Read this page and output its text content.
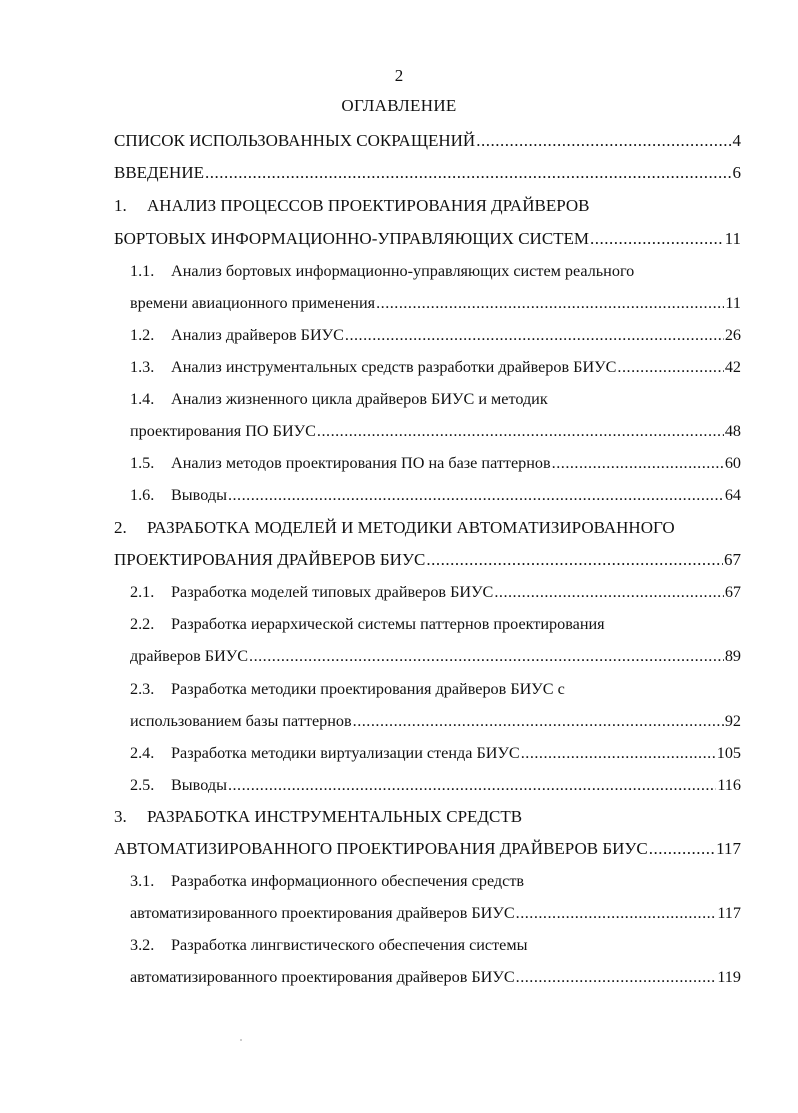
2
ОГЛАВЛЕНИЕ
СПИСОК ИСПОЛЬЗОВАННЫХ СОКРАЩЕНИЙ .....	4
ВВЕДЕНИЕ .....	6
1. АНАЛИЗ ПРОЦЕССОВ ПРОЕКТИРОВАНИЯ ДРАЙВЕРОВ
БОРТОВЫХ ИНФОРМАЦИОННО-УПРАВЛЯЮЩИХ СИСТЕМ .....	11
1.1. Анализ бортовых информационно-управляющих систем реального
времени авиационного применения .....	11
1.2. Анализ драйверов БИУС .....	26
1.3. Анализ инструментальных средств разработки драйверов БИУС .....	42
1.4. Анализ жизненного цикла драйверов БИУС и методик
проектирования ПО БИУС .....	48
1.5. Анализ методов проектирования ПО на базе паттернов .....	60
1.6. Выводы .....	64
2. РАЗРАБОТКА МОДЕЛЕЙ И МЕТОДИКИ АВТОМАТИЗИРОВАННОГО
ПРОЕКТИРОВАНИЯ ДРАЙВЕРОВ БИУС .....	67
2.1. Разработка моделей типовых драйверов БИУС .....	67
2.2. Разработка иерархической системы паттернов проектирования
драйверов БИУС .....	89
2.3. Разработка методики проектирования драйверов БИУС с
использованием базы паттернов .....	92
2.4. Разработка методики виртуализации стенда БИУС .....	105
2.5. Выводы .....	116
3. РАЗРАБОТКА ИНСТРУМЕНТАЛЬНЫХ СРЕДСТВ
АВТОМАТИЗИРОВАННОГО ПРОЕКТИРОВАНИЯ ДРАЙВЕРОВ БИУС .....	117
3.1. Разработка информационного обеспечения средств
автоматизированного проектирования драйверов БИУС .....	117
3.2. Разработка лингвистического обеспечения системы
автоматизированного проектирования драйверов БИУС .....	119
